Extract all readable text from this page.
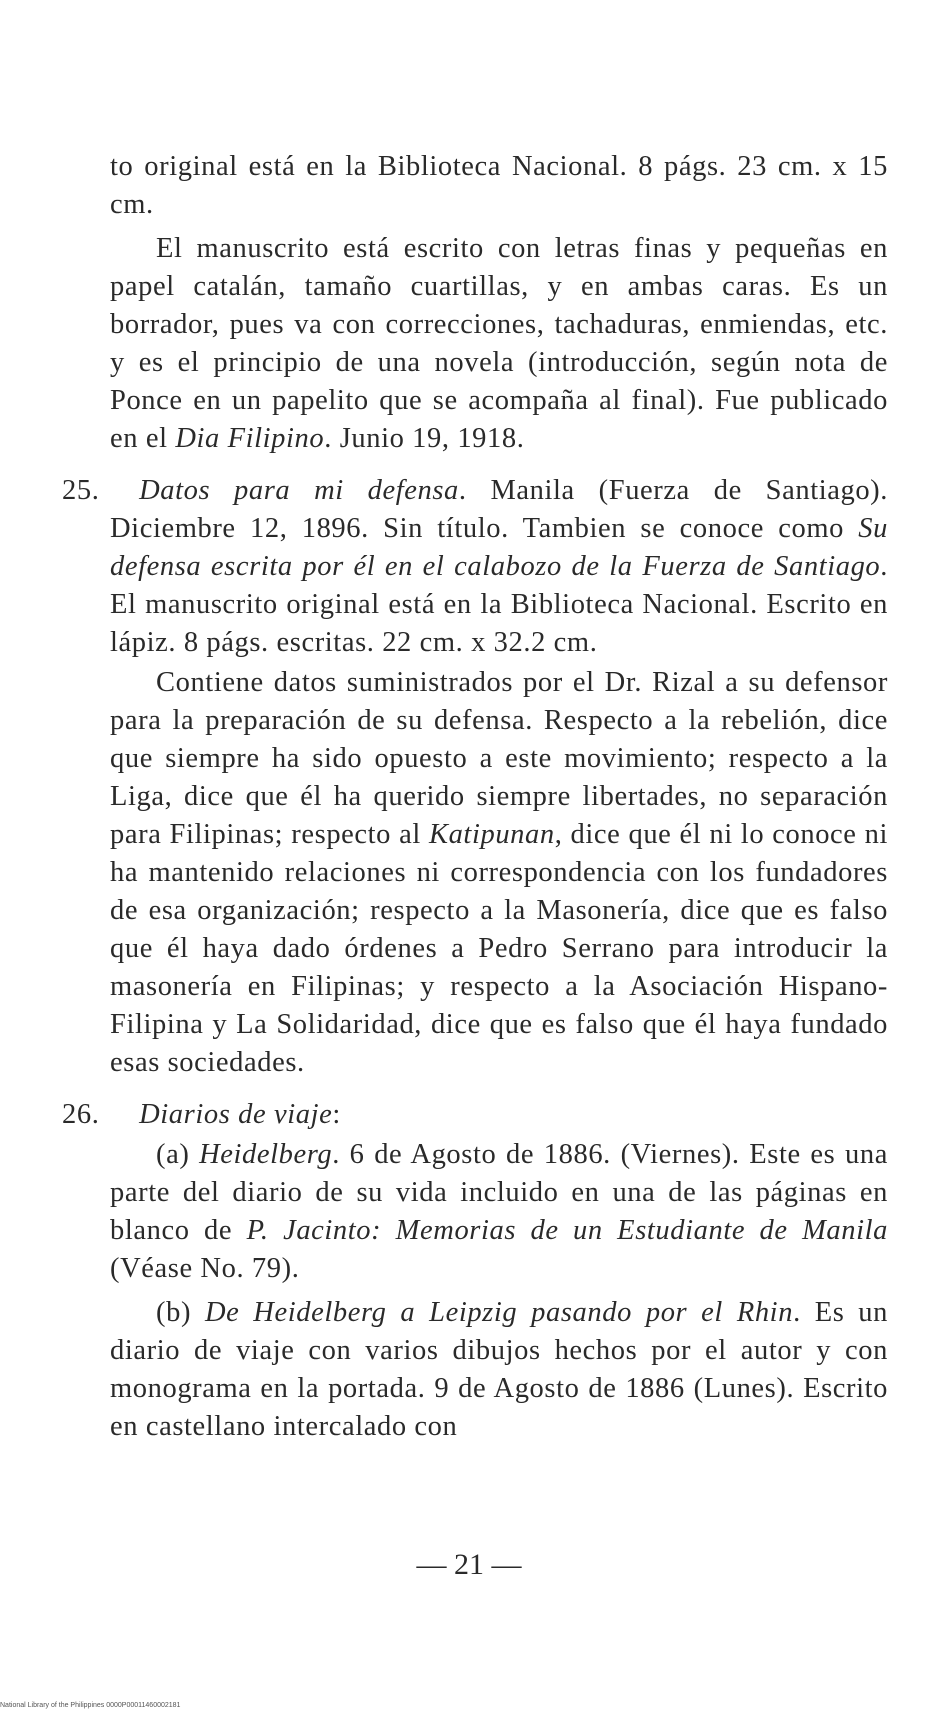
to original está en la Biblioteca Nacional. 8 págs. 23 cm. x 15 cm.

El manuscrito está escrito con letras finas y pequeñas en papel catalán, tamaño cuartillas, y en ambas caras. Es un borrador, pues va con correcciones, tachaduras, enmiendas, etc. y es el principio de una novela (introducción, según nota de Ponce en un papelito que se acompaña al final). Fue publicado en el Dia Filipino. Junio 19, 1918.

25.
  Datos para mi defensa. Manila (Fuerza de Santiago). Diciembre 12, 1896. Sin título. Tambien se conoce como Su defensa escrita por él en el calabozo de la Fuerza de Santiago. El manuscrito original está en la Biblioteca Nacional. Escrito en lápiz. 8 págs. escritas. 22 cm. x 32.2 cm.

Contiene datos suministrados por el Dr. Rizal a su defensor para la preparación de su defensa. Respecto a la rebelión, dice que siempre ha sido opuesto a este movimiento; respecto a la Liga, dice que él ha querido siempre libertades, no separación para Filipinas; respecto al Katipunan, dice que él ni lo conoce ni ha mantenido relaciones ni correspondencia con los fundadores de esa organización; respecto a la Masonería, dice que es falso que él haya dado órdenes a Pedro Serrano para introducir la masonería en Filipinas; y respecto a la Asociación Hispano-Filipina y La Solidaridad, dice que es falso que él haya fundado esas sociedades.

26.
  Diarios de viaje:

(a) Heidelberg. 6 de Agosto de 1886. (Viernes). Este es una parte del diario de su vida incluido en una de las páginas en blanco de P. Jacinto: Memorias de un Estudiante de Manila (Véase No. 79).

(b) De Heidelberg a Leipzig pasando por el Rhin. Es un diario de viaje con varios dibujos hechos por el autor y con monograma en la portada. 9 de Agosto de 1886 (Lunes). Escrito en castellano intercalado con

— 21 —
National Library of the Philippines 0000P00011460002181
